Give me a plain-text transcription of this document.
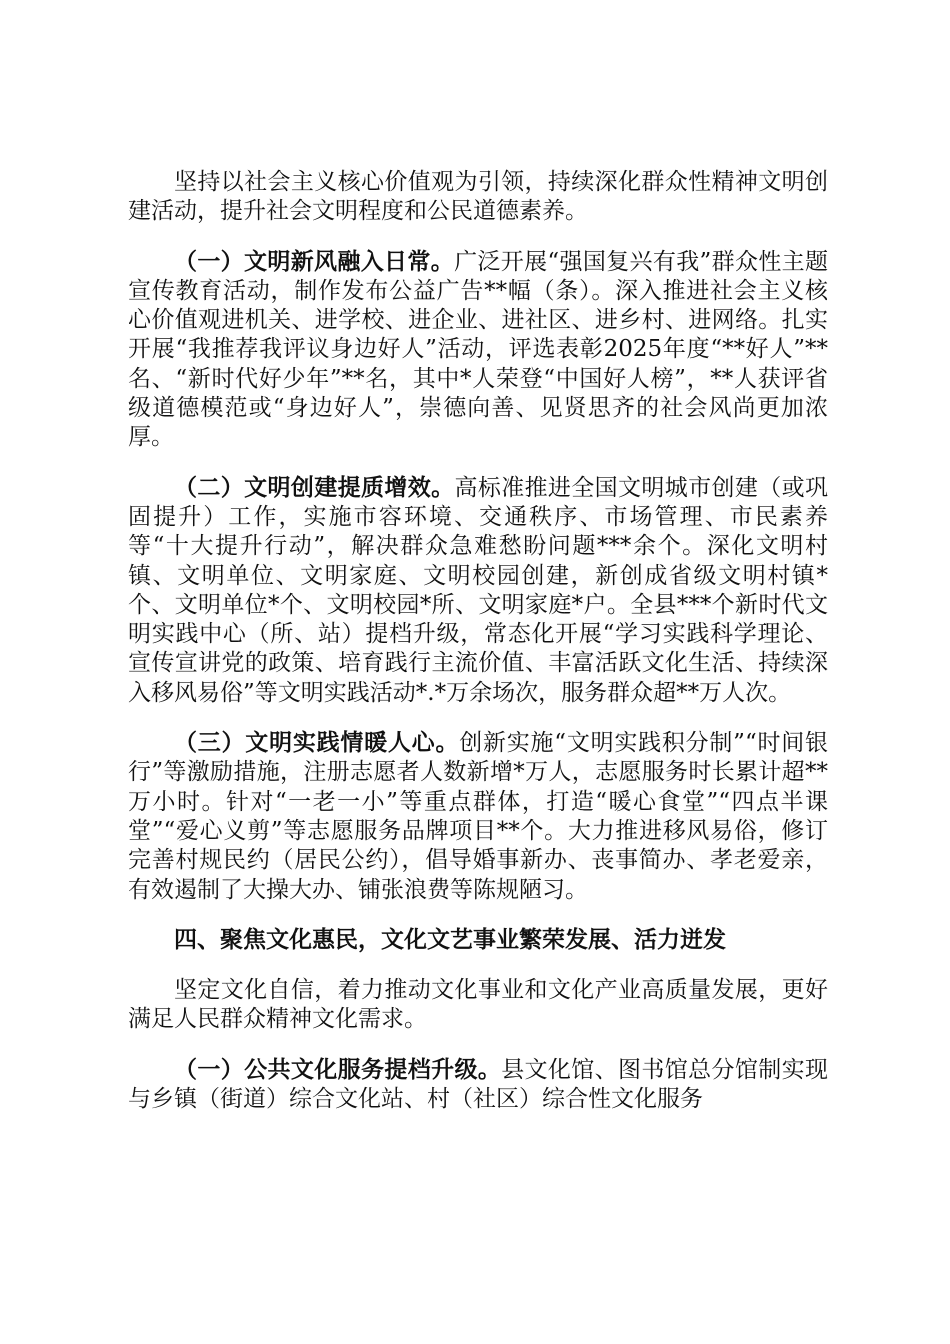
坚持以社会主义核心价值观为引领，持续深化群众性精神文明创建活动，提升社会文明程度和公民道德素养。

（一）文明新风融入日常。广泛开展“强国复兴有我”群众性主题宣传教育活动，制作发布公益广告**幅（条）。深入推进社会主义核心价值观进机关、进学校、进企业、进社区、进乡村、进网络。扎实开展“我推荐我评议身边好人”活动，评选表彰2025年度“**好人”**名、“新时代好少年”**名，其中*人荣登“中国好人榜”，**人获评省级道德模范或“身边好人”，崇德向善、见贤思齐的社会风尚更加浓厚。

（二）文明创建提质增效。高标准推进全国文明城市创建（或巩固提升）工作，实施市容环境、交通秩序、市场管理、市民素养等“十大提升行动”，解决群众急难愁盼问题***余个。深化文明村镇、文明单位、文明家庭、文明校园创建，新创成省级文明村镇*个、文明单位*个、文明校园*所、文明家庭*户。全县***个新时代文明实践中心（所、站）提档升级，常态化开展“学习实践科学理论、宣传宣讲党的政策、培育践行主流价值、丰富活跃文化生活、持续深入移风易俗”等文明实践活动*.*万余场次，服务群众超**万人次。

（三）文明实践情暖人心。创新实施“文明实践积分制”“时间银行”等激励措施，注册志愿者人数新增*万人，志愿服务时长累计超**万小时。针对“一老一小”等重点群体，打造“暖心食堂”“四点半课堂”“爱心义剪”等志愿服务品牌项目**个。大力推进移风易俗，修订完善村规民约（居民公约），倡导婚事新办、丧事简办、孝老爱亲，有效遏制了大操大办、铺张浪费等陈规陋习。

四、聚焦文化惠民，文化文艺事业繁荣发展、活力迸发

坚定文化自信，着力推动文化事业和文化产业高质量发展，更好满足人民群众精神文化需求。

（一）公共文化服务提档升级。县文化馆、图书馆总分馆制实现与乡镇（街道）综合文化站、村（社区）综合性文化服务
